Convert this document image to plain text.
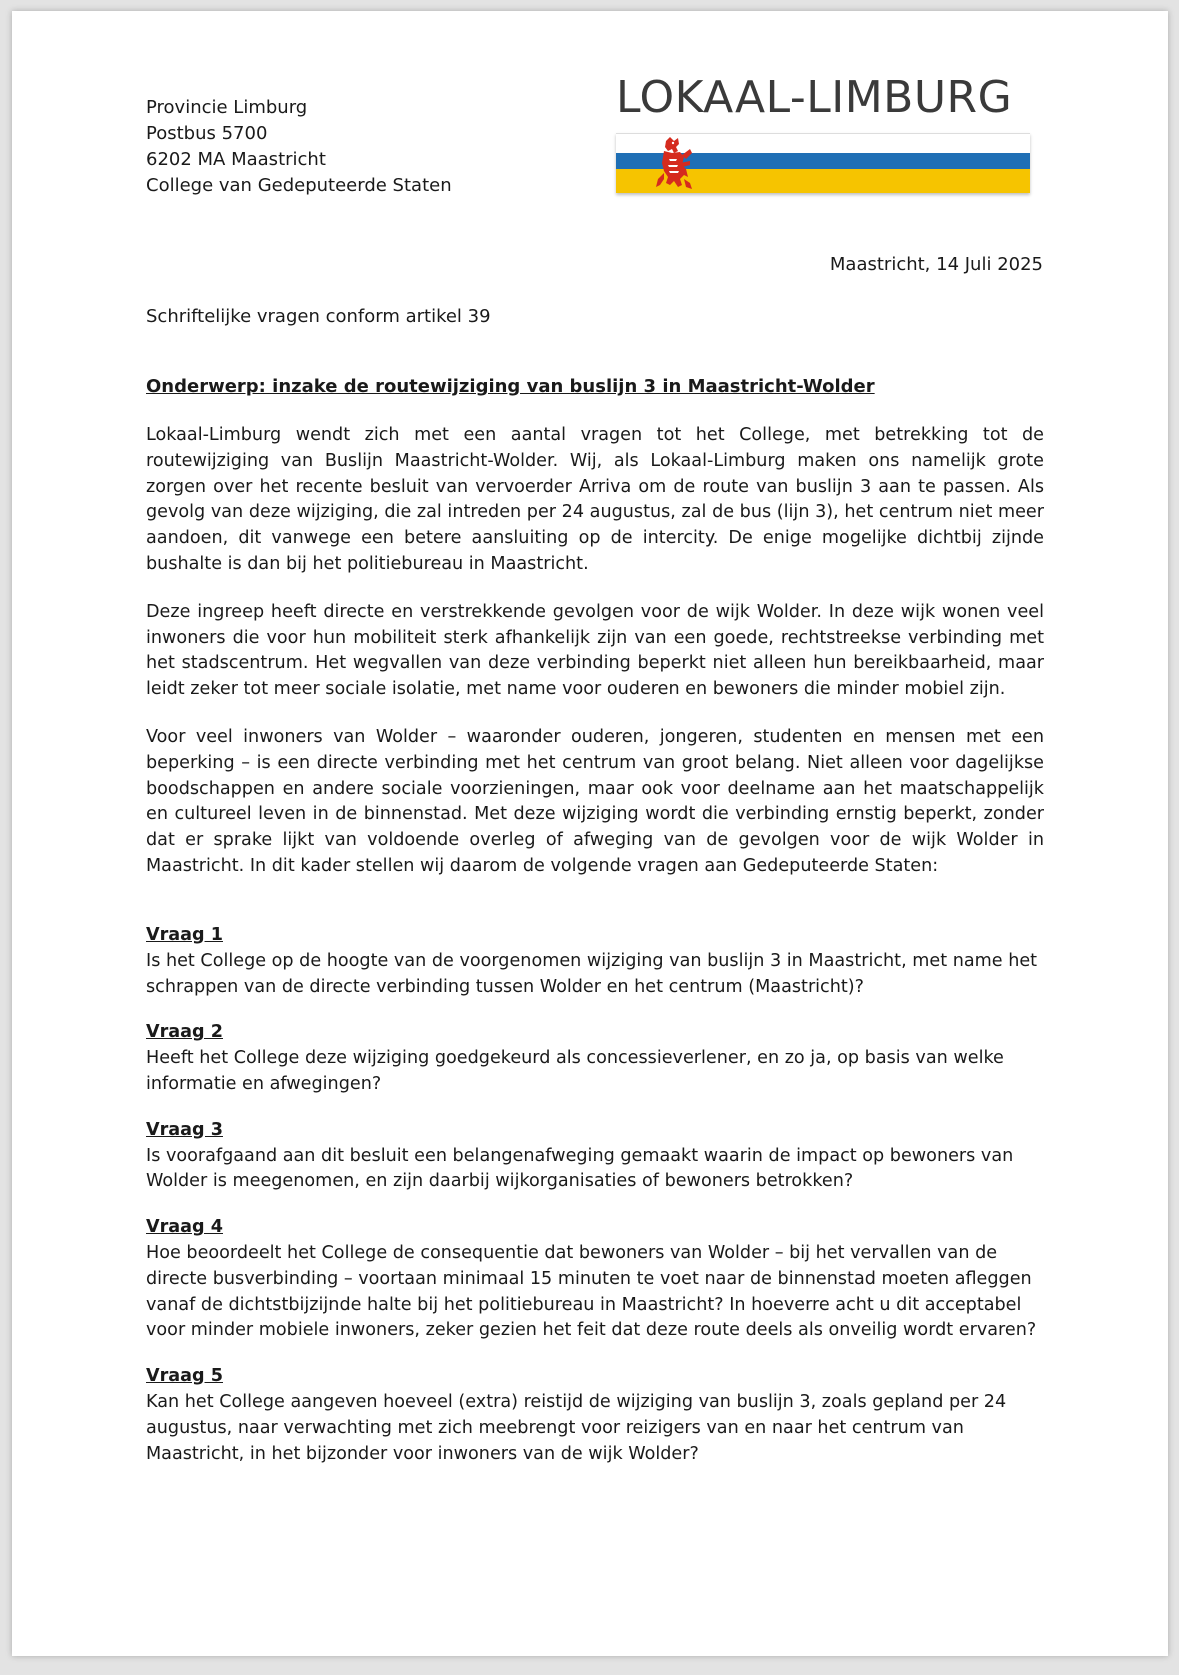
Provincie Limburg
Postbus 5700
6202 MA Maastricht
College van Gedeputeerde Staten
LOKAAL-LIMBURG
Maastricht, 14 Juli 2025
Schriftelijke vragen conform artikel 39
Onderwerp: inzake de routewijziging van buslijn 3 in Maastricht-Wolder

Lokaal-Limburg wendt zich met een aantal vragen tot het College, met betrekking tot de routewijziging van Buslijn Maastricht-Wolder. Wij, als Lokaal-Limburg maken ons namelijk grote zorgen over het recente besluit van vervoerder Arriva om de route van buslijn 3 aan te passen. Als gevolg van deze wijziging, die zal intreden per 24 augustus, zal de bus (lijn 3), het centrum niet meer aandoen, dit vanwege een betere aansluiting op de intercity. De enige mogelijke dichtbij zijnde bushalte is dan bij het politiebureau in Maastricht.

Deze ingreep heeft directe en verstrekkende gevolgen voor de wijk Wolder. In deze wijk wonen veel inwoners die voor hun mobiliteit sterk afhankelijk zijn van een goede, rechtstreekse verbinding met het stadscentrum. Het wegvallen van deze verbinding beperkt niet alleen hun bereikbaarheid, maar leidt zeker tot meer sociale isolatie, met name voor ouderen en bewoners die minder mobiel zijn.

Voor veel inwoners van Wolder – waaronder ouderen, jongeren, studenten en mensen met een beperking – is een directe verbinding met het centrum van groot belang. Niet alleen voor dagelijkse boodschappen en andere sociale voorzieningen, maar ook voor deelname aan het maatschappelijk en cultureel leven in de binnenstad. Met deze wijziging wordt die verbinding ernstig beperkt, zonder dat er sprake lijkt van voldoende overleg of afweging van de gevolgen voor de wijk Wolder in Maastricht. In dit kader stellen wij daarom de volgende vragen aan Gedeputeerde Staten:

Vraag 1
Is het College op de hoogte van de voorgenomen wijziging van buslijn 3 in Maastricht, met name het schrappen van de directe verbinding tussen Wolder en het centrum (Maastricht)?
Vraag 2
Heeft het College deze wijziging goedgekeurd als concessieverlener, en zo ja, op basis van welke informatie en afwegingen?
Vraag 3
Is voorafgaand aan dit besluit een belangenafweging gemaakt waarin de impact op bewoners van Wolder is meegenomen, en zijn daarbij wijkorganisaties of bewoners betrokken?
Vraag 4
Hoe beoordeelt het College de consequentie dat bewoners van Wolder – bij het vervallen van de directe busverbinding – voortaan minimaal 15 minuten te voet naar de binnenstad moeten afleggen vanaf de dichtstbijzijnde halte bij het politiebureau in Maastricht? In hoeverre acht u dit acceptabel voor minder mobiele inwoners, zeker gezien het feit dat deze route deels als onveilig wordt ervaren?
Vraag 5
Kan het College aangeven hoeveel (extra) reistijd de wijziging van buslijn 3, zoals gepland per 24 augustus, naar verwachting met zich meebrengt voor reizigers van en naar het centrum van Maastricht, in het bijzonder voor inwoners van de wijk Wolder?
